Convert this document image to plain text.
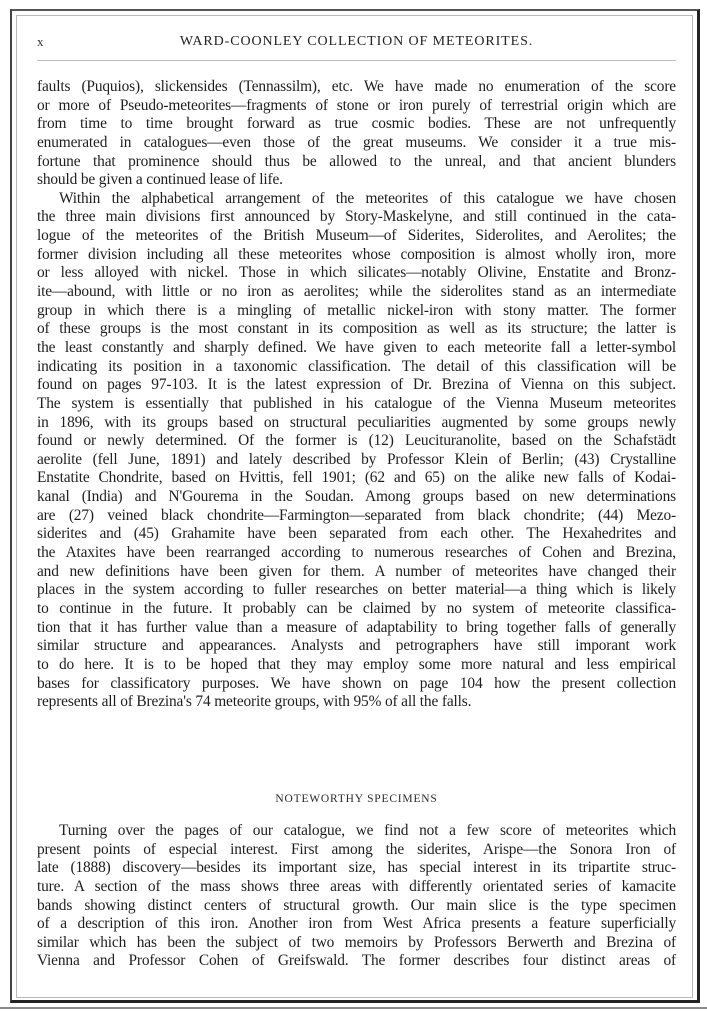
x	WARD-COONLEY COLLECTION OF METEORITES.
faults (Puquios), slickensides (Tennassilm), etc. We have made no enumeration of the score
or more of Pseudo-meteorites—fragments of stone or iron purely of terrestrial origin which are
from time to time brought forward as true cosmic bodies. These are not unfrequently
enumerated in catalogues—even those of the great museums. We consider it a true mis-
fortune that prominence should thus be allowed to the unreal, and that ancient blunders
should be given a continued lease of life.
Within the alphabetical arrangement of the meteorites of this catalogue we have chosen
the three main divisions first announced by Story-Maskelyne, and still continued in the cata-
logue of the meteorites of the British Museum—of Siderites, Siderolites, and Aerolites; the
former division including all these meteorites whose composition is almost wholly iron, more
or less alloyed with nickel. Those in which silicates—notably Olivine, Enstatite and Bronz-
ite—abound, with little or no iron as aerolites; while the siderolites stand as an intermediate
group in which there is a mingling of metallic nickel-iron with stony matter. The former
of these groups is the most constant in its composition as well as its structure; the latter is
the least constantly and sharply defined. We have given to each meteorite fall a letter-symbol
indicating its position in a taxonomic classification. The detail of this classification will be
found on pages 97-103. It is the latest expression of Dr. Brezina of Vienna on this subject.
The system is essentially that published in his catalogue of the Vienna Museum meteorites
in 1896, with its groups based on structural peculiarities augmented by some groups newly
found or newly determined. Of the former is (12) Leucituranolite, based on the Schafstädt
aerolite (fell June, 1891) and lately described by Professor Klein of Berlin; (43) Crystalline
Enstatite Chondrite, based on Hvittis, fell 1901; (62 and 65) on the alike new falls of Kodai-
kanal (India) and N'Gourema in the Soudan. Among groups based on new determinations
are (27) veined black chondrite—Farmington—separated from black chondrite; (44) Mezo-
siderites and (45) Grahamite have been separated from each other. The Hexahedrites and
the Ataxites have been rearranged according to numerous researches of Cohen and Brezina,
and new definitions have been given for them. A number of meteorites have changed their
places in the system according to fuller researches on better material—a thing which is likely
to continue in the future. It probably can be claimed by no system of meteorite classifica-
tion that it has further value than a measure of adaptability to bring together falls of generally
similar structure and appearances. Analysts and petrographers have still imporant work
to do here. It is to be hoped that they may employ some more natural and less empirical
bases for classificatory purposes. We have shown on page 104 how the present collection
represents all of Brezina's 74 meteorite groups, with 95% of all the falls.
NOTEWORTHY SPECIMENS
Turning over the pages of our catalogue, we find not a few score of meteorites which
present points of especial interest. First among the siderites, Arispe—the Sonora Iron of
late (1888) discovery—besides its important size, has special interest in its tripartite struc-
ture. A section of the mass shows three areas with differently orientated series of kamacite
bands showing distinct centers of structural growth. Our main slice is the type specimen
of a description of this iron. Another iron from West Africa presents a feature superficially
similar which has been the subject of two memoirs by Professors Berwerth and Brezina of
Vienna and Professor Cohen of Greifswald. The former describes four distinct areas of
